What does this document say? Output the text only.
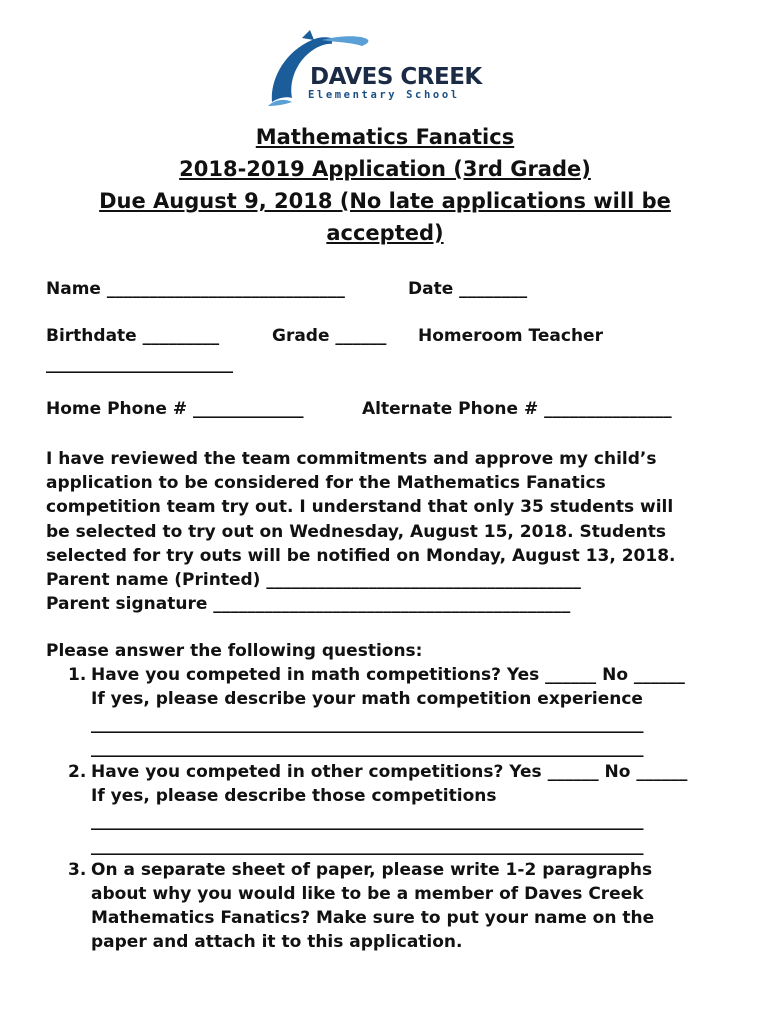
DAVES CREEK
Elementary School
Mathematics Fanatics
2018-2019 Application (3rd Grade)
Due August 9, 2018 (No late applications will be
accepted)
Name ____________________________	Date ________
Birthdate _________	Grade ______ Homeroom Teacher
______________________
Home Phone # _____________	Alternate Phone # _______________
I have reviewed the team commitments and approve my child’s
application to be considered for the Mathematics Fanatics
competition team try out. I understand that only 35 students will
be selected to try out on Wednesday, August 15, 2018. Students
selected for try outs will be notified on Monday, August 13, 2018.
Parent name (Printed) _____________________________________
Parent signature __________________________________________
Please answer the following questions:
1. Have you competed in math competitions? Yes ______ No ______
If yes, please describe your math competition experience
_________________________________________________________________
_________________________________________________________________
2. Have you competed in other competitions? Yes ______ No ______
If yes, please describe those competitions
_________________________________________________________________
_________________________________________________________________
3. On a separate sheet of paper, please write 1-2 paragraphs
about why you would like to be a member of Daves Creek
Mathematics Fanatics? Make sure to put your name on the
paper and attach it to this application.
